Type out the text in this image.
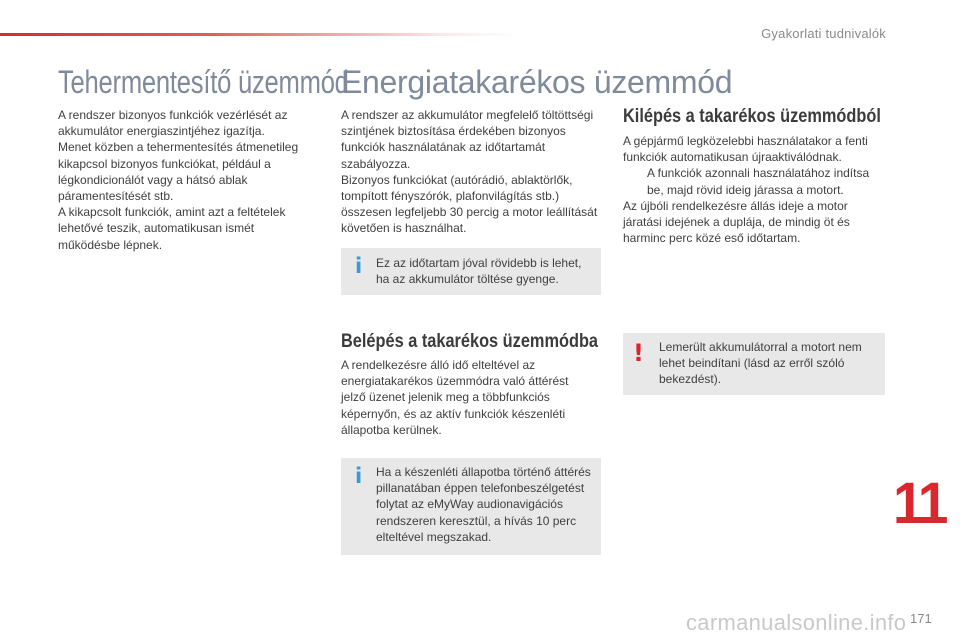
Gyakorlati tudnivalók
Tehermentesítő üzemmód

A rendszer bizonyos funkciók vezérlését az akkumulátor energiaszintjéhez igazítja.

Menet közben a tehermentesítés átmenetileg kikapcsol bizonyos funkciókat, például a légkondicionálót vagy a hátsó ablak páramentesítését stb.

A kikapcsolt funkciók, amint azt a feltételek lehetővé teszik, automatikusan ismét működésbe lépnek.

Energiatakarékos üzemmód

A rendszer az akkumulátor megfelelő töltöttségi szintjének biztosítása érdekében bizonyos funkciók használatának az időtartamát szabályozza.

Bizonyos funkciókat (autórádió, ablaktörlők, tompított fényszórók, plafonvilágítás stb.) összesen legfeljebb 30 percig a motor leállítását követően is használhat.

i Ez az időtartam jóval rövidebb is lehet, ha az akkumulátor töltése gyenge.
Belépés a takarékos üzemmódba
A rendelkezésre álló idő elteltével az energiatakarékos üzemmódra való áttérést jelző üzenet jelenik meg a többfunkciós képernyőn, és az aktív funkciók készenléti állapotba kerülnek.
i Ha a készenléti állapotba történő áttérés pillanatában éppen telefonbeszélgetést folytat az eMyWay audionavigációs rendszeren keresztül, a hívás 10 perc elteltével megszakad.
Kilépés a takarékos üzemmódból

A gépjármű legközelebbi használatakor a fenti funkciók automatikusan újraaktiválódnak.

A funkciók azonnali használatához indítsa be, majd rövid ideig járassa a motort.

Az újbóli rendelkezésre állás ideje a motor járatási idejének a duplája, de mindig öt és harminc perc közé eső időtartam.

! Lemerült akkumulátorral a motort nem lehet beindítani (lásd az erről szóló bekezdést).
11
carmanualsonline.info 171
